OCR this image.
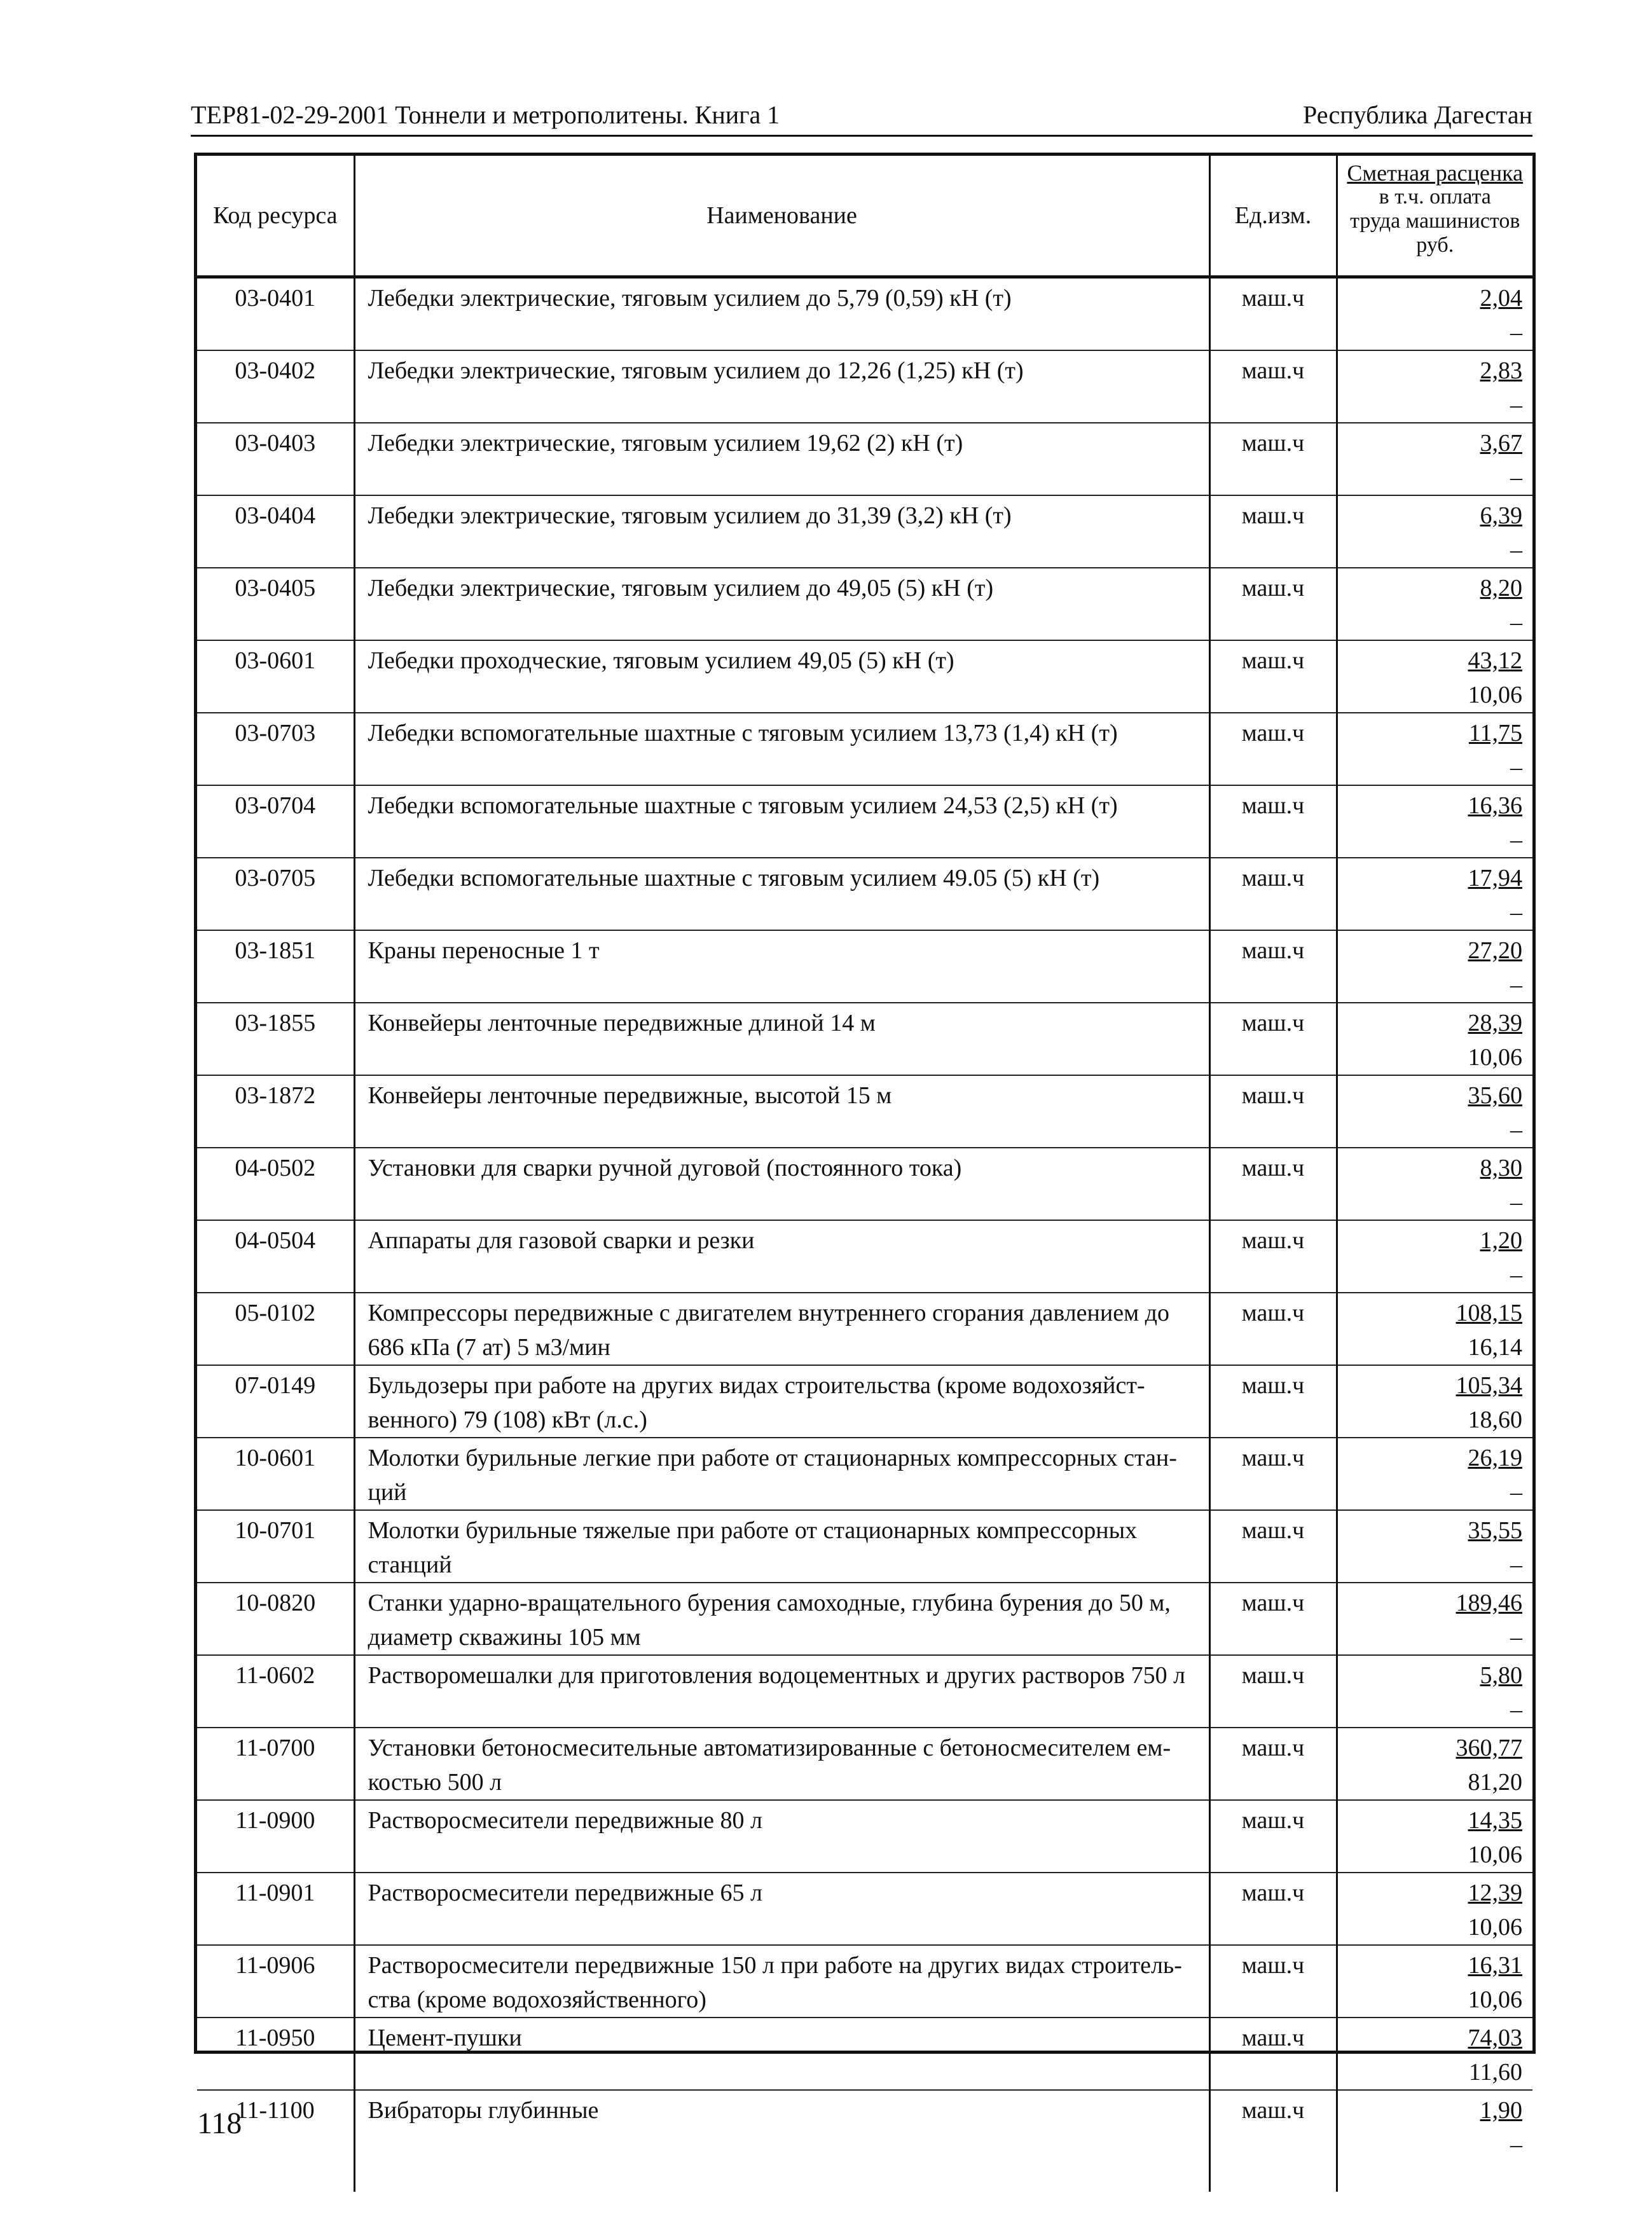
ТЕР81-02-29-2001 Тоннели и метрополитены. Книга 1	Республика Дагестан
Код ресурса	Наименование	Ед.изм.	Сметная расценка
в т.ч. оплата
труда машинистов
руб.

03-0401	Лебедки электрические, тяговым усилием до 5,79 (0,59) кН (т)	маш.ч	2,04
–

03-0402	Лебедки электрические, тяговым усилием до 12,26 (1,25) кН (т)	маш.ч	2,83
–

03-0403	Лебедки электрические, тяговым усилием 19,62 (2) кН (т)	маш.ч	3,67
–

03-0404	Лебедки электрические, тяговым усилием до 31,39 (3,2) кН (т)	маш.ч	6,39
–

03-0405	Лебедки электрические, тяговым усилием до 49,05 (5) кН (т)	маш.ч	8,20
–

03-0601	Лебедки проходческие, тяговым усилием 49,05 (5) кН (т)	маш.ч	43,12
10,06

03-0703	Лебедки вспомогательные шахтные с тяговым усилием 13,73 (1,4) кН (т)	маш.ч	11,75
–

03-0704	Лебедки вспомогательные шахтные с тяговым усилием 24,53 (2,5) кН (т)	маш.ч	16,36
–

03-0705	Лебедки вспомогательные шахтные с тяговым усилием 49.05 (5) кН (т)	маш.ч	17,94
–

03-1851	Краны переносные 1 т	маш.ч	27,20
–

03-1855	Конвейеры ленточные передвижные длиной 14 м	маш.ч	28,39
10,06

03-1872	Конвейеры ленточные передвижные, высотой 15 м	маш.ч	35,60
–

04-0502	Установки для сварки ручной дуговой (постоянного тока)	маш.ч	8,30
–

04-0504	Аппараты для газовой сварки и резки	маш.ч	1,20
–

05-0102	Компрессоры передвижные с двигателем внутреннего сгорания давлением до 686 кПа (7 ат) 5 м3/мин	маш.ч	108,15
16,14

07-0149	Бульдозеры при работе на других видах строительства (кроме водохозяйст-венного) 79 (108) кВт (л.с.)	маш.ч	105,34
18,60

10-0601	Молотки бурильные легкие при работе от стационарных компрессорных стан-ций	маш.ч	26,19
–

10-0701	Молотки бурильные тяжелые при работе от стационарных компрессорных станций	маш.ч	35,55
–

10-0820	Станки ударно-вращательного бурения самоходные, глубина бурения до 50 м, диаметр скважины 105 мм	маш.ч	189,46
–

11-0602	Растворомешалки для приготовления водоцементных и других растворов 750 л	маш.ч	5,80
–

11-0700	Установки бетоносмесительные автоматизированные с бетоносмесителем ем-костью 500 л	маш.ч	360,77
81,20

11-0900	Растворосмесители передвижные 80 л	маш.ч	14,35
10,06

11-0901	Растворосмесители передвижные 65 л	маш.ч	12,39
10,06

11-0906	Растворосмесители передвижные 150 л при работе на других видах строитель-ства (кроме водохозяйственного)	маш.ч	16,31
10,06

11-0950	Цемент-пушки	маш.ч	74,03
11,60

11-1100	Вибраторы глубинные	маш.ч	1,90
–
118
